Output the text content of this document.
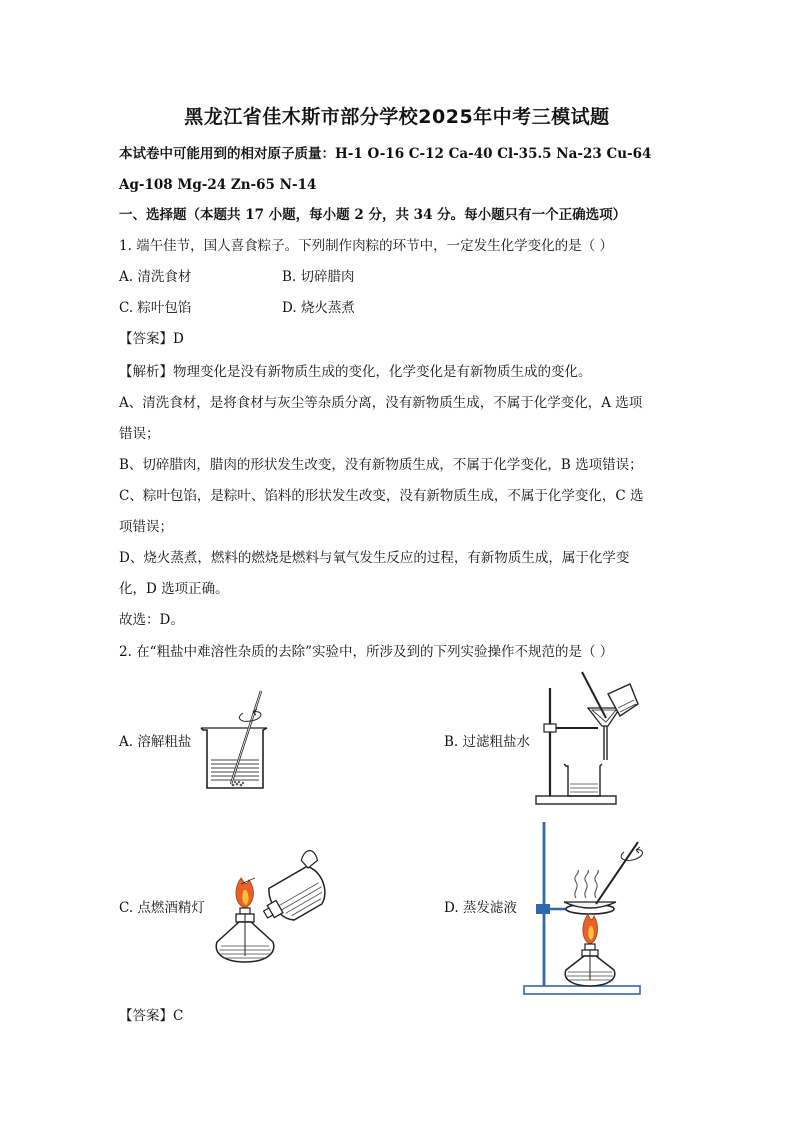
黑龙江省佳木斯市部分学校2025年中考三模试题
本试卷中可能用到的相对原子质量：H-1 O-16 C-12 Ca-40 Cl-35.5 Na-23 Cu-64
Ag-108 Mg-24 Zn-65 N-14
一、选择题（本题共 17 小题，每小题 2 分，共 34 分。每小题只有一个正确选项）
1. 端午佳节，国人喜食粽子。下列制作肉粽的环节中，一定发生化学变化的是（ ）
A. 清洗食材	B. 切碎腊肉
C. 粽叶包馅	D. 烧火蒸煮
【答案】D
【解析】物理变化是没有新物质生成的变化，化学变化是有新物质生成的变化。
A、清洗食材，是将食材与灰尘等杂质分离，没有新物质生成，不属于化学变化，A 选项
错误；
B、切碎腊肉，腊肉的形状发生改变，没有新物质生成，不属于化学变化，B 选项错误；
C、粽叶包馅，是粽叶、馅料的形状发生改变，没有新物质生成，不属于化学变化，C 选
项错误；
D、烧火蒸煮，燃料的燃烧是燃料与氧气发生反应的过程，有新物质生成，属于化学变
化，D 选项正确。
故选：D。
2. 在“粗盐中难溶性杂质的去除”实验中，所涉及到的下列实验操作不规范的是（ ）
A. 溶解粗盐	B. 过滤粗盐水
C. 点燃酒精灯	D. 蒸发滤液
【答案】C
